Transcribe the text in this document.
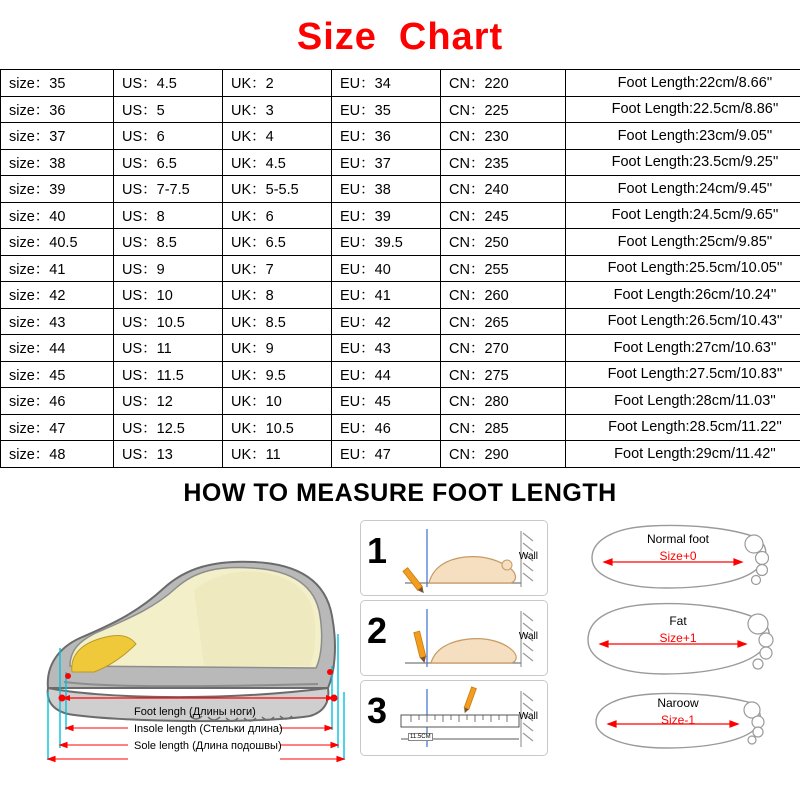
Size Chart
size：35	US：4.5	UK：2	EU：34	CN：220	Foot Length:22cm/8.66''
size：36	US：5	UK：3	EU：35	CN：225	Foot Length:22.5cm/8.86''
size：37	US：6	UK：4	EU：36	CN：230	Foot Length:23cm/9.05''
size：38	US：6.5	UK：4.5	EU：37	CN：235	Foot Length:23.5cm/9.25''
size：39	US：7-7.5	UK：5-5.5	EU：38	CN：240	Foot Length:24cm/9.45''
size：40	US：8	UK：6	EU：39	CN：245	Foot Length:24.5cm/9.65''
size：40.5	US：8.5	UK：6.5	EU：39.5	CN：250	Foot Length:25cm/9.85''
size：41	US：9	UK：7	EU：40	CN：255	Foot Length:25.5cm/10.05''
size：42	US：10	UK：8	EU：41	CN：260	Foot Length:26cm/10.24''
size：43	US：10.5	UK：8.5	EU：42	CN：265	Foot Length:26.5cm/10.43''
size：44	US：11	UK：9	EU：43	CN：270	Foot Length:27cm/10.63''
size：45	US：11.5	UK：9.5	EU：44	CN：275	Foot Length:27.5cm/10.83''
size：46	US：12	UK：10	EU：45	CN：280	Foot Length:28cm/11.03''
size：47	US：12.5	UK：10.5	EU：46	CN：285	Foot Length:28.5cm/11.22''
size：48	US：13	UK：11	EU：47	CN：290	Foot Length:29cm/11.42''
HOW TO MEASURE FOOT LENGTH
Foot lengh (Длины ноги)
Insole length (Стельки длина)
Sole length (Длина подошвы)
1	Wall
2	Wall
3
11.5CM
Wall
Normal foot
Size+0
Fat
Size+1
Naroow
Size-1
